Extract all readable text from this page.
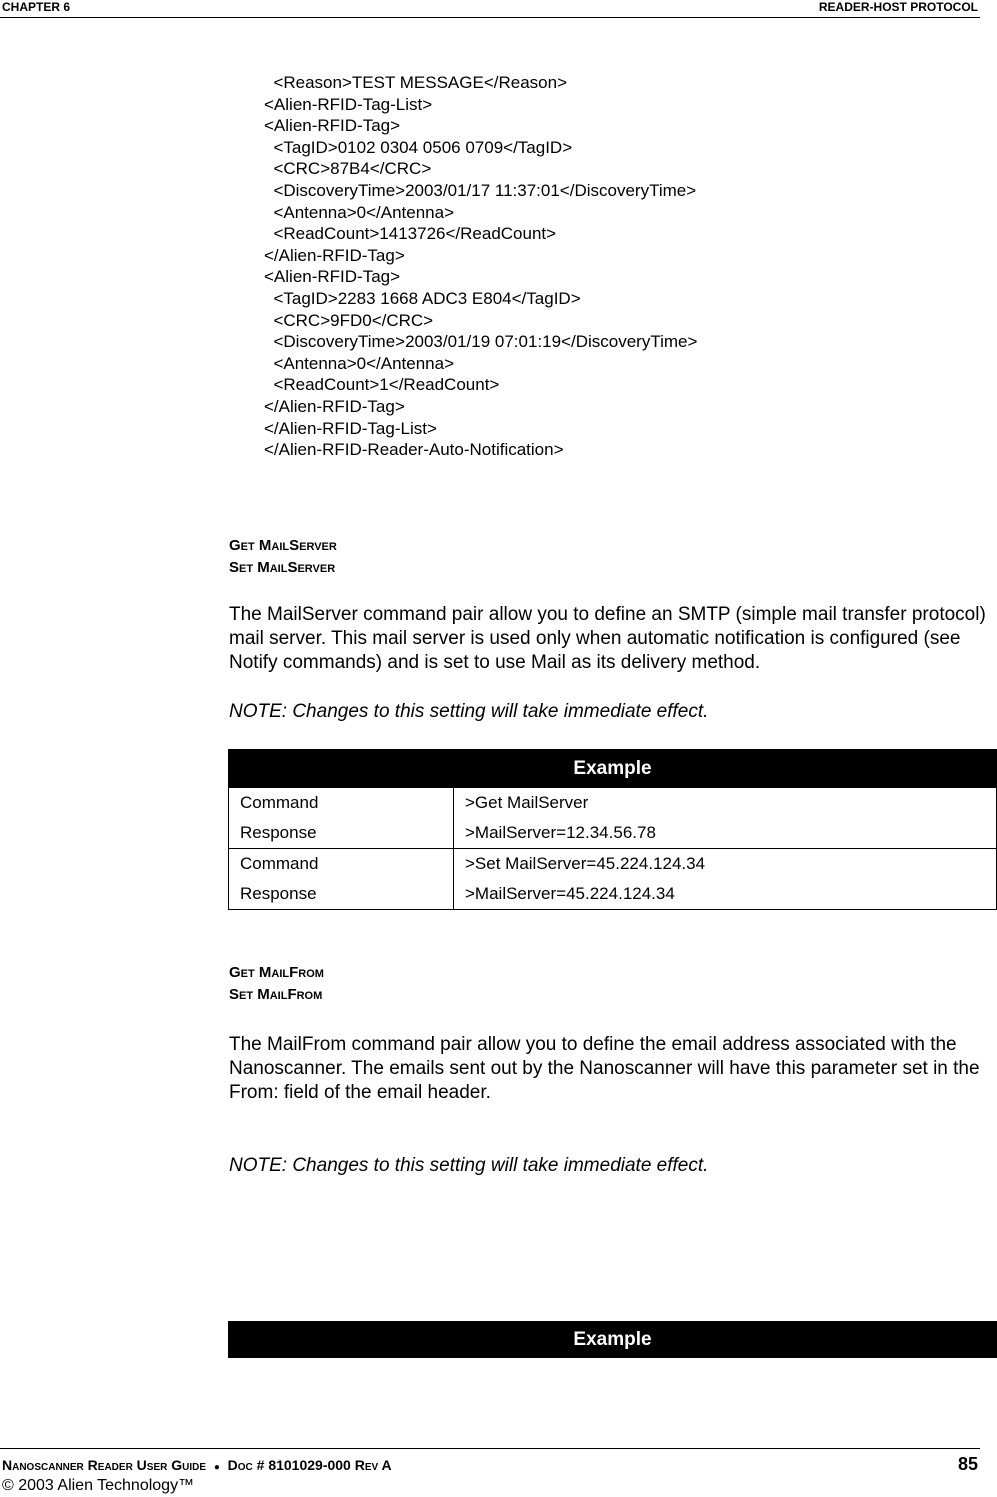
CHAPTER 6	READER-HOST PROTOCOL
<Reason>TEST MESSAGE</Reason>
<Alien-RFID-Tag-List>
<Alien-RFID-Tag>
<TagID>0102 0304 0506 0709</TagID>
<CRC>87B4</CRC>
<DiscoveryTime>2003/01/17 11:37:01</DiscoveryTime>
<Antenna>0</Antenna>
<ReadCount>1413726</ReadCount>
</Alien-RFID-Tag>
<Alien-RFID-Tag>
<TagID>2283 1668 ADC3 E804</TagID>
<CRC>9FD0</CRC>
<DiscoveryTime>2003/01/19 07:01:19</DiscoveryTime>
<Antenna>0</Antenna>
<ReadCount>1</ReadCount>
</Alien-RFID-Tag>
</Alien-RFID-Tag-List>
</Alien-RFID-Reader-Auto-Notification>
Get MailServer
Set MailServer
The MailServer command pair allow you to define an SMTP (simple mail transfer protocol) mail server. This mail server is used only when automatic notification is configured (see Notify commands) and is set to use Mail as its delivery method.
NOTE: Changes to this setting will take immediate effect.
Example	
Command	>Get MailServer
Response	>MailServer=12.34.56.78
Command	>Set MailServer=45.224.124.34
Response	>MailServer=45.224.124.34
Get MailFrom
Set MailFrom
The MailFrom command pair allow you to define the email address associated with the Nanoscanner. The emails sent out by the Nanoscanner will have this parameter set in the From: field of the email header.
NOTE: Changes to this setting will take immediate effect.
Example
Nanoscanner Reader User Guide ● Doc # 8101029-000 Rev A	85
© 2003 Alien Technology™
